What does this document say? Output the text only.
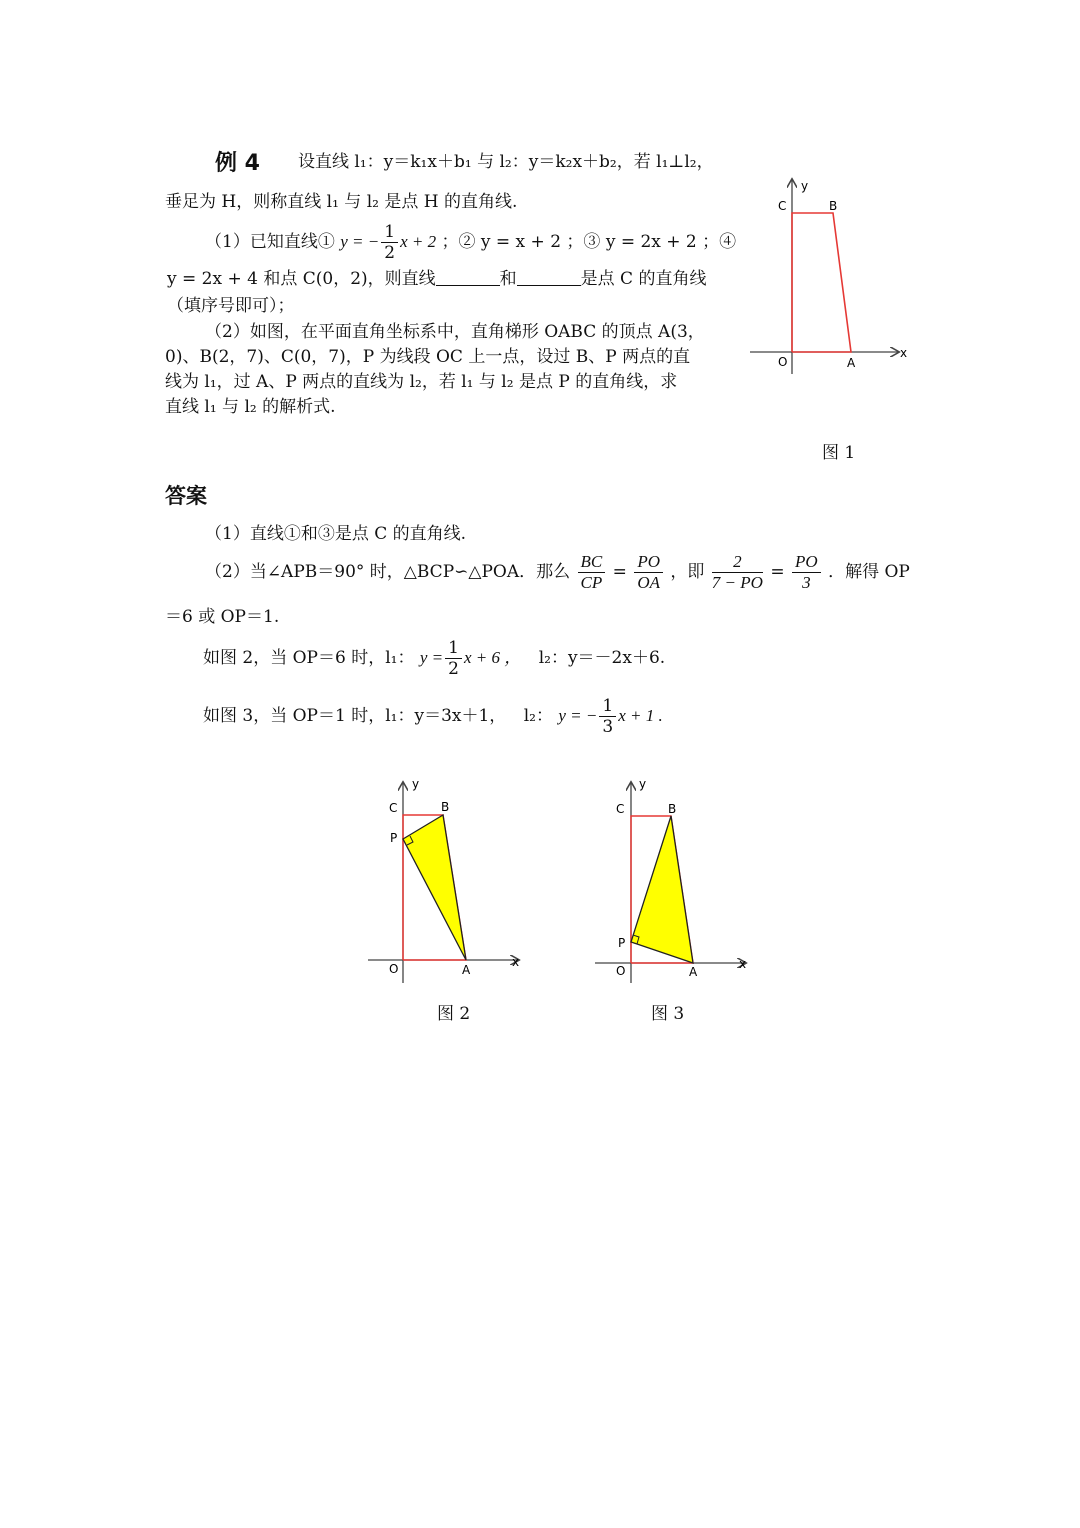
例 4 设直线 l₁：y＝k₁x＋b₁ 与 l₂：y＝k₂x＋b₂，若 l₁⊥l₂，
垂足为 H，则称直线 l₁ 与 l₂ 是点 H 的直角线.
（1）已知直线① y = − $\frac{1}{2}$ x + 2 ；② y = x + 2 ；③ y = 2x + 2 ；④
y = 2x + 4 和点 C(0，2)，则直线	和	是点 C 的直角线
（填序号即可）；
（2）如图，在平面直角坐标系中，直角梯形 OABC 的顶点 A(3，
0)、B(2，7)、C(0，7)，P 为线段 OC 上一点，设过 B、P 两点的直
线为 l₁，过 A、P 两点的直线为 l₂，若 l₁ 与 l₂ 是点 P 的直角线，求
直线 l₁ 与 l₂ 的解析式.
y
x
C	B
O	A
图 1
答案
（1）直线①和③是点 C 的直角线.
（2）当∠APB＝90° 时，△BCP∽△POA．那么 $\frac{BC}{CP} = \frac{PO}{OA}$ ，即 $\frac{2}{7 - PO} = \frac{PO}{3}$ ．解得 OP
＝6 或 OP＝1.
如图 2，当 OP＝6 时，l₁： $y = \frac{1}{2}$ x + 6 ， l₂：y＝－2x＋6.
如图 3，当 OP＝1 时，l₁：y＝3x＋1， l₂： y = − $\frac{1}{3}$ x + 1 .
y
x
C	B
P
O	A
图 2
y
x
C	B
P
O	A
图 3
